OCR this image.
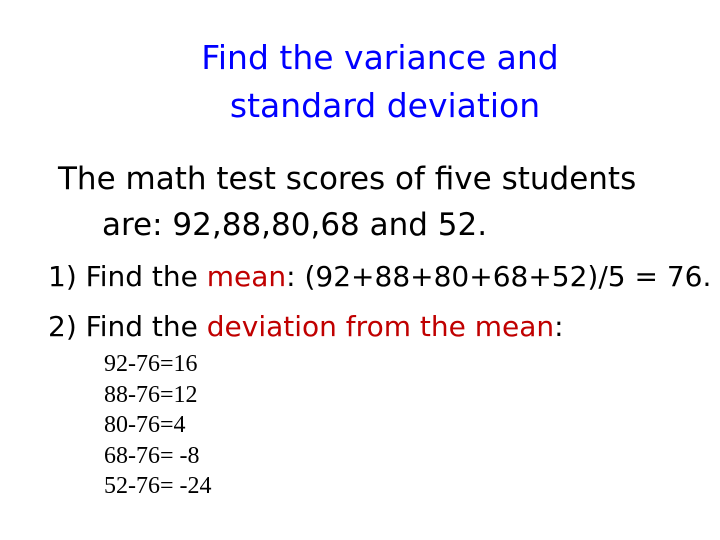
Find the variance and
standard deviation

The math test scores of five students
are: 92,88,80,68 and 52.

1) Find the mean: (92+88+80+68+52)/5 = 76.
2) Find the deviation from the mean:
92-76=16
88-76=12
80-76=4
68-76= -8
52-76= -24
